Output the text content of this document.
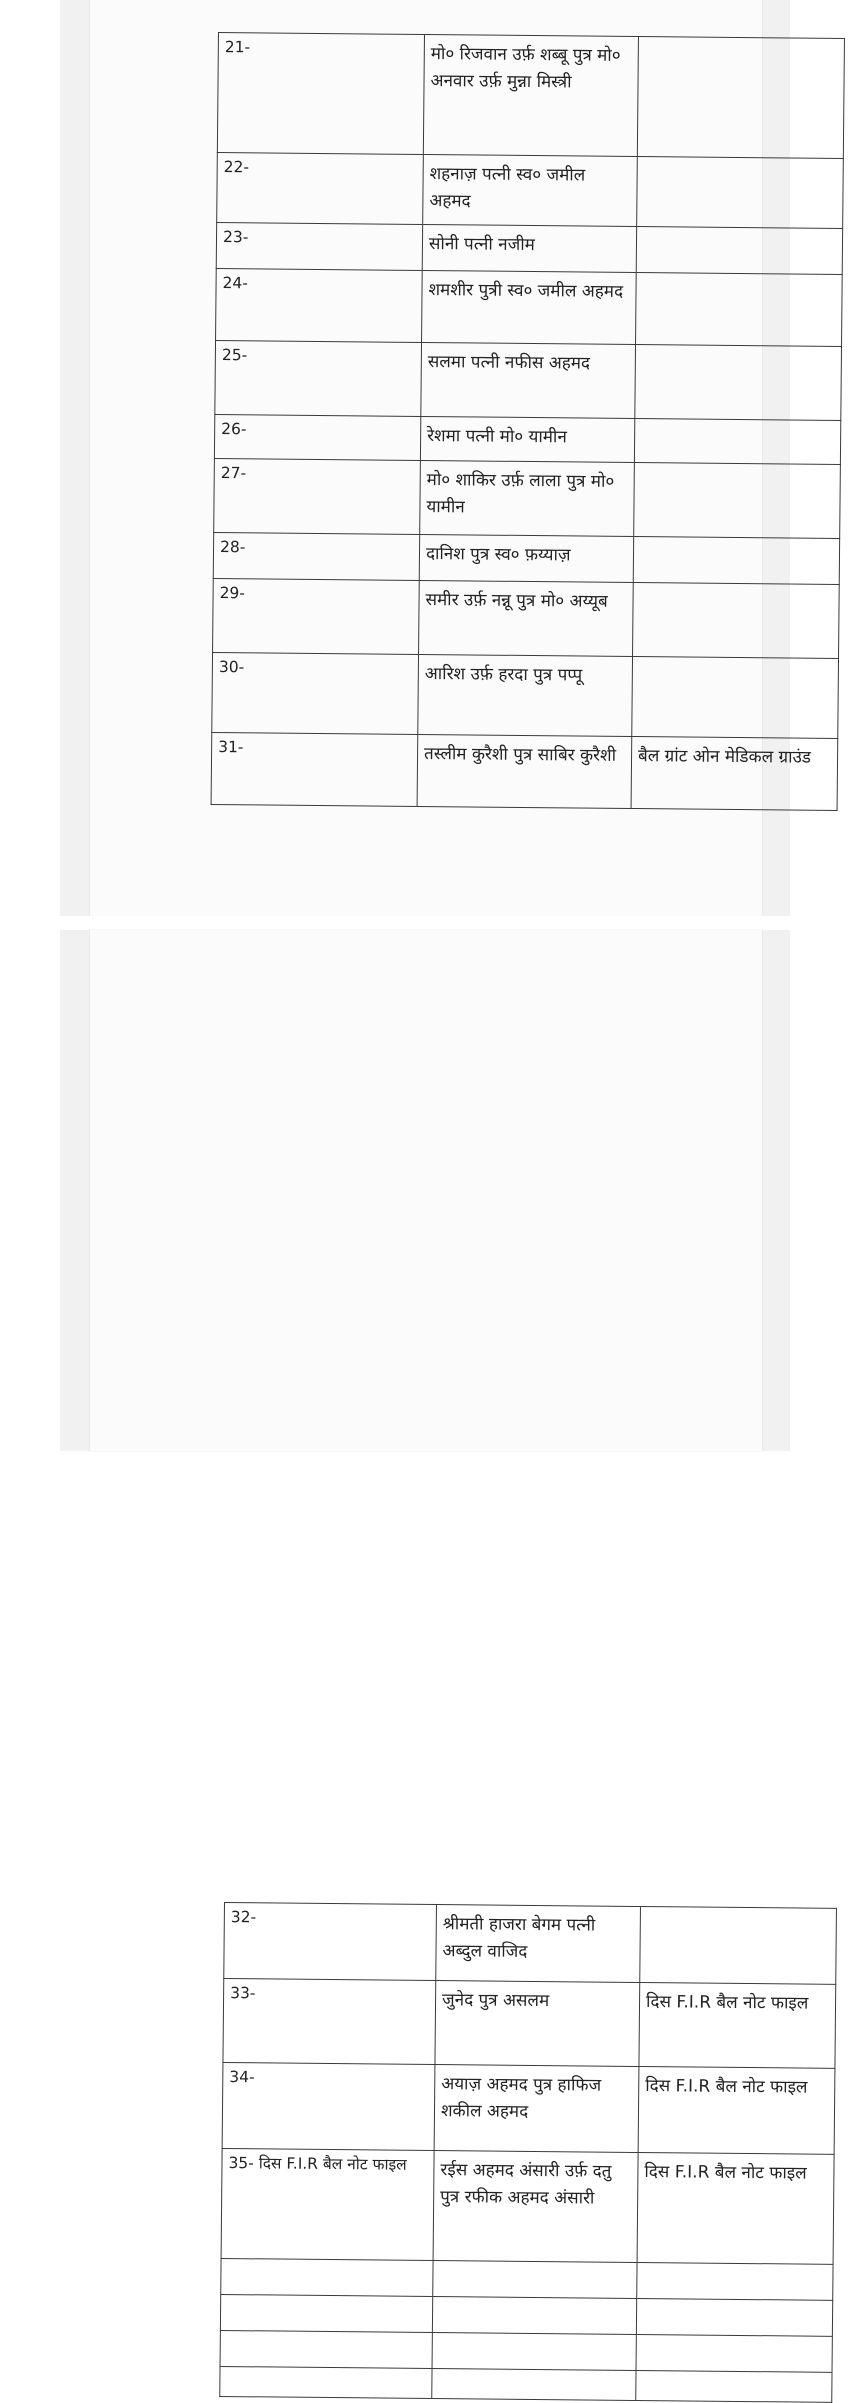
21-	मो० रिजवान उर्फ़ शब्बू पुत्र मो० अनवार उर्फ़ मुन्ना मिस्त्री	
22-	शहनाज़ पत्नी स्व० जमील अहमद	
23-	सोनी पत्नी नजीम	
24-	शमशीर पुत्री स्व० जमील अहमद	
25-	सलमा पत्नी नफीस अहमद	
26-	रेशमा पत्नी मो० यामीन	
27-	मो० शाकिर उर्फ़ लाला पुत्र मो० यामीन	
28-	दानिश पुत्र स्व० फ़य्याज़	
29-	समीर उर्फ़ नन्नू पुत्र मो० अय्यूब	
30-	आरिश उर्फ़ हरदा पुत्र पप्पू	
31-	तस्लीम कुरैशी पुत्र साबिर कुरैशी	बैल ग्रांट ओन मेडिकल ग्राउंड
32-	श्रीमती हाजरा बेगम पत्नी अब्दुल वाजिद	
33-	जुनेद पुत्र असलम	दिस F.I.R बैल नोट फाइल
34-	अयाज़ अहमद पुत्र हाफिज शकील अहमद	दिस F.I.R बैल नोट फाइल
35- दिस F.I.R बैल नोट फाइल	रईस अहमद अंसारी उर्फ़ दतु पुत्र रफीक अहमद अंसारी	दिस F.I.R बैल नोट फाइल
